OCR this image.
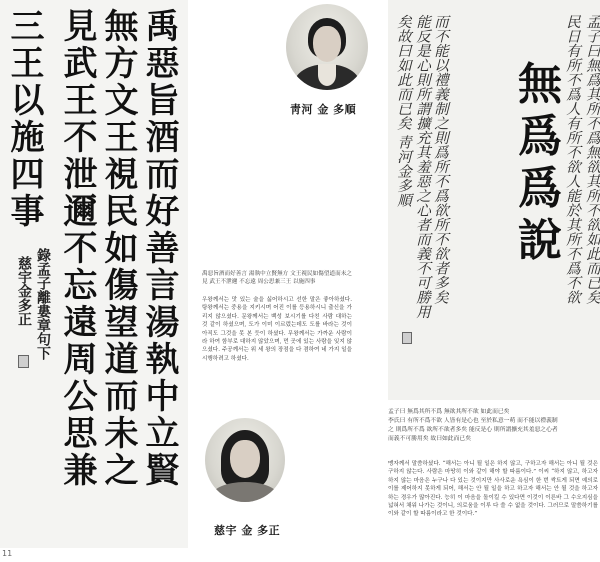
禹惡旨酒而好善言湯執中立賢
無方文王視民如傷望道而未之
見武王不泄邇不忘遠周公思兼
三王以施四事
錄孟子離婁章句下
慈宇金多正
靑河 金 多順
禹惡旨酒而好善言 湯執中立賢無方 文王視民如傷望道而未之見 武王不泄邇 不忘遠 周公思兼三王 以施四事
우왕께서는 맛 있는 술을 싫어하시고 선한 말은 좋아하셨다. 탕왕께서는 중용을 지키시며 어진 이를 등용하시니 출신을 가리지 않으셨다. 문왕께서는 백성 보시기를 다친 사람 대하는 것 같이 하셨으며, 도가 이미 이르렀는데도 도를 바라는 것이 아직도 그것을 못 본 듯이 하셨다. 무왕께서는 가까운 사람이라 하여 함부로 대하지 않았으며, 먼 곳에 있는 사람을 잊지 않으셨다. 주공께서는 위 세 왕의 장점을 다 겸하여 네 가지 일을 시행하려고 하셨다.
慈宇 金 多正
孟子曰無爲其所不爲無欲其所不欲如此而已矣
民日有所不爲人有所不欲人能於其所不爲不欲
而不能以禮義制之則爲所不爲欲所不欲者多矣
能反是心則所謂擴充其羞惡之心者而義不可勝用
矣故曰如此而已矣 靑河金多順 無
爲
爲
說
孟子曰 無爲其所不爲 無欲其所不欲 如此而已矣
李氏曰 有所不爲不欲 人皆有是心也 至於私意一萌 而不能以禮義制
之 則爲所不爲 欲所不欲者多矣 能反是心 則所謂擴充其羞惡之心者
而義不可勝用矣 故曰如此而已矣
맹자께서 말씀하셨다. “해서는 아니 될 일은 하지 않고, 구하고자 해서는 아니 될 것은 구하지 않는다. 사람은 마땅히 이와 같이 해야 할 따름이다.” 이씨 “하지 않고, 하고자 하지 않는 마음은 누구나 다 있는 것이지만 사사로운 욕심이 한 번 싹트게 되면 예의로 이를 제어하지 못하게 되어, 해서는 안 될 일을 하고 하고자 해서는 안 될 것을 하고자 하는 경우가 많아진다. 능히 이 마음을 돌이킬 수 있다면 이것이 이른바 그 수오지심을 넓혀서 채워 나가는 것이니, 의로움을 이루 다 쓸 수 없을 것이다. 그러므로 말씀하기를 이와 같이 할 따름이라고 한 것이다.”
11
